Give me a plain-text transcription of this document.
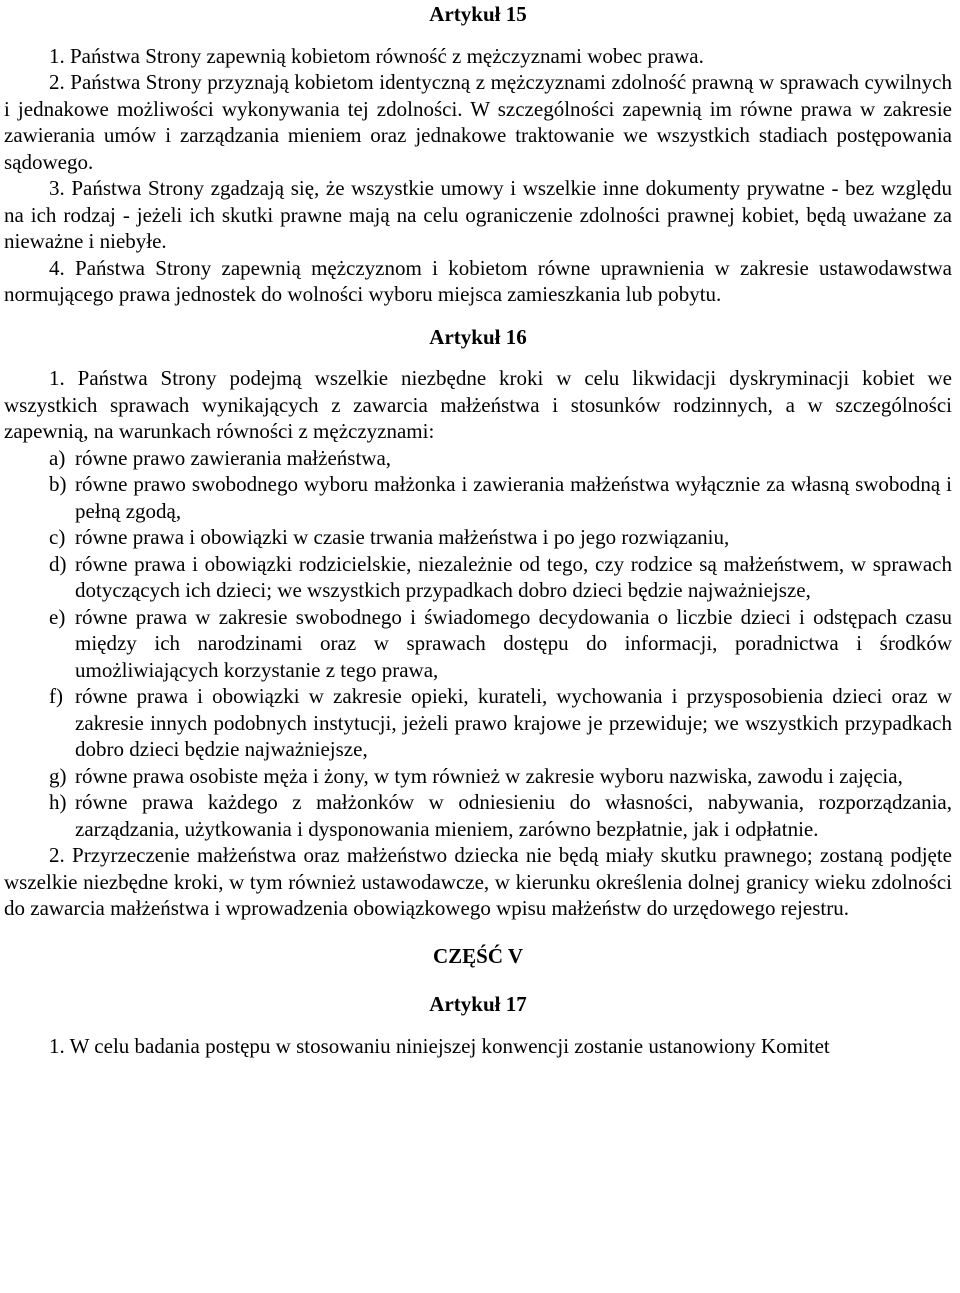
Artykuł 15

1. Państwa Strony zapewnią kobietom równość z mężczyznami wobec prawa.

2. Państwa Strony przyznają kobietom identyczną z mężczyznami zdolność prawną w sprawach cywilnych i jednakowe możliwości wykonywania tej zdolności. W szczególności zapewnią im równe prawa w zakresie zawierania umów i zarządzania mieniem oraz jednakowe traktowanie we wszystkich stadiach postępowania sądowego.

3. Państwa Strony zgadzają się, że wszystkie umowy i wszelkie inne dokumenty prywatne - bez względu na ich rodzaj - jeżeli ich skutki prawne mają na celu ograniczenie zdolności prawnej kobiet, będą uważane za nieważne i niebyłe.

4. Państwa Strony zapewnią mężczyznom i kobietom równe uprawnienia w zakresie ustawodawstwa normującego prawa jednostek do wolności wyboru miejsca zamieszkania lub pobytu.

Artykuł 16

1. Państwa Strony podejmą wszelkie niezbędne kroki w celu likwidacji dyskryminacji kobiet we wszystkich sprawach wynikających z zawarcia małżeństwa i stosunków rodzinnych, a w szczególności zapewnią, na warunkach równości z mężczyznami:

a) równe prawo zawierania małżeństwa,
b) równe prawo swobodnego wyboru małżonka i zawierania małżeństwa wyłącznie za własną swobodną i pełną zgodą,
c) równe prawa i obowiązki w czasie trwania małżeństwa i po jego rozwiązaniu,
d) równe prawa i obowiązki rodzicielskie, niezależnie od tego, czy rodzice są małżeństwem, w sprawach dotyczących ich dzieci; we wszystkich przypadkach dobro dzieci będzie najważniejsze,
e) równe prawa w zakresie swobodnego i świadomego decydowania o liczbie dzieci i odstępach czasu między ich narodzinami oraz w sprawach dostępu do informacji, poradnictwa i środków umożliwiających korzystanie z tego prawa,
f) równe prawa i obowiązki w zakresie opieki, kurateli, wychowania i przysposobienia dzieci oraz w zakresie innych podobnych instytucji, jeżeli prawo krajowe je przewiduje; we wszystkich przypadkach dobro dzieci będzie najważniejsze,
g) równe prawa osobiste męża i żony, w tym również w zakresie wyboru nazwiska, zawodu i zajęcia,
h) równe prawa każdego z małżonków w odniesieniu do własności, nabywania, rozporządzania, zarządzania, użytkowania i dysponowania mieniem, zarówno bezpłatnie, jak i odpłatnie.

2. Przyrzeczenie małżeństwa oraz małżeństwo dziecka nie będą miały skutku prawnego; zostaną podjęte wszelkie niezbędne kroki, w tym również ustawodawcze, w kierunku określenia dolnej granicy wieku zdolności do zawarcia małżeństwa i wprowadzenia obowiązkowego wpisu małżeństw do urzędowego rejestru.

CZĘŚĆ V

Artykuł 17

1. W celu badania postępu w stosowaniu niniejszej konwencji zostanie ustanowiony Komitet
